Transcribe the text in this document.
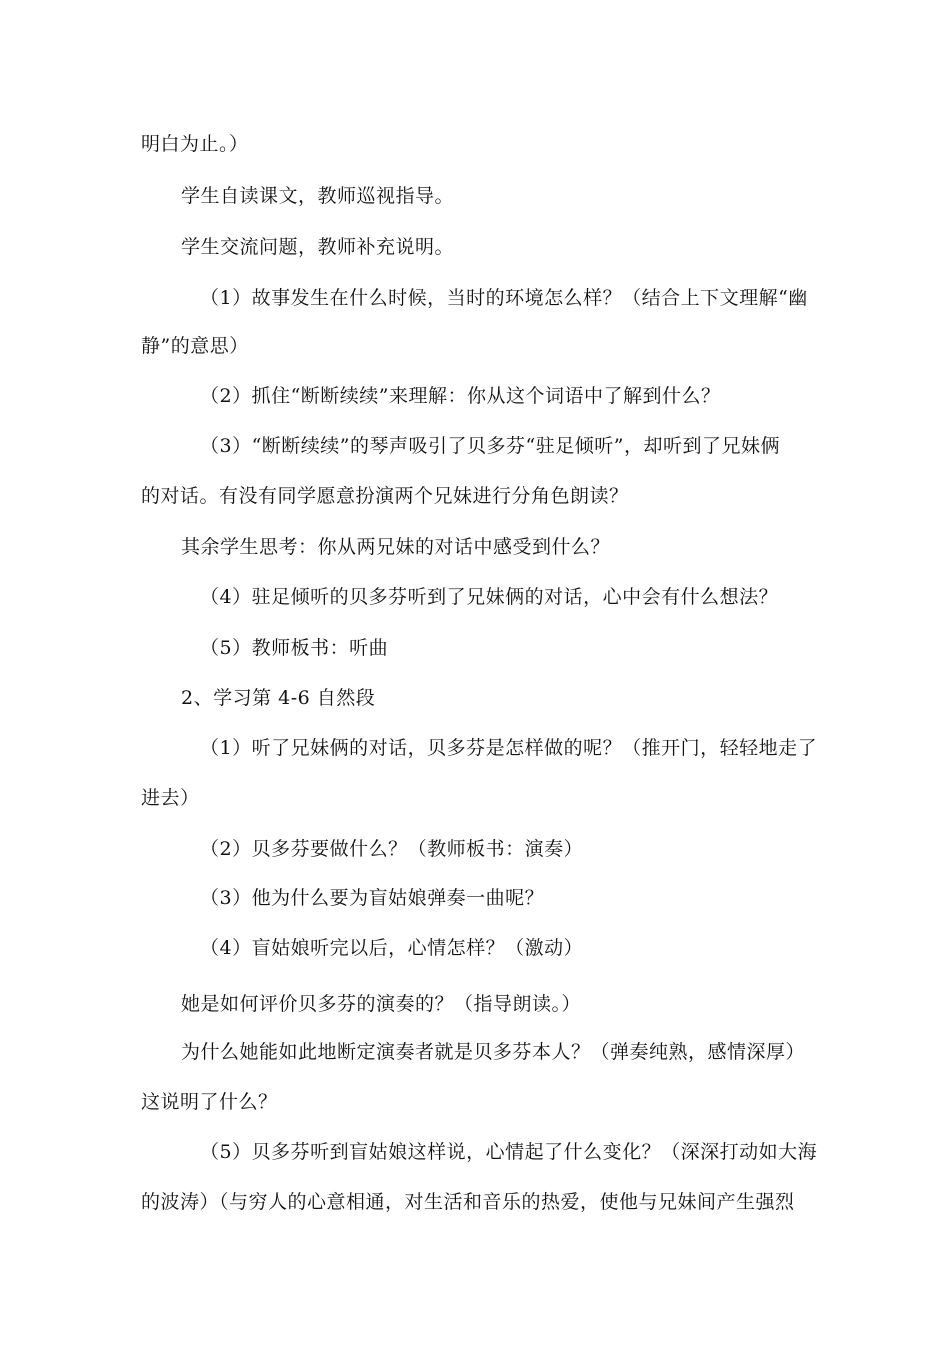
明白为止。）
学生自读课文，教师巡视指导。
学生交流问题，教师补充说明。
（1）故事发生在什么时候，当时的环境怎么样？（结合上下文理解“幽
静”的意思）
（2）抓住“断断续续”来理解：你从这个词语中了解到什么？
（3）“断断续续”的琴声吸引了贝多芬“驻足倾听”，却听到了兄妹俩
的对话。有没有同学愿意扮演两个兄妹进行分角色朗读？
其余学生思考：你从两兄妹的对话中感受到什么？
（4）驻足倾听的贝多芬听到了兄妹俩的对话，心中会有什么想法？
（5）教师板书：听曲
2、学习第 4-6 自然段
（1）听了兄妹俩的对话，贝多芬是怎样做的呢？（推开门，轻轻地走了
进去）
（2）贝多芬要做什么？（教师板书：演奏）
（3）他为什么要为盲姑娘弹奏一曲呢？
（4）盲姑娘听完以后，心情怎样？（激动）
她是如何评价贝多芬的演奏的？（指导朗读。）
为什么她能如此地断定演奏者就是贝多芬本人？（弹奏纯熟，感情深厚）
这说明了什么？
（5）贝多芬听到盲姑娘这样说，心情起了什么变化？（深深打动如大海
的波涛）（与穷人的心意相通，对生活和音乐的热爱，使他与兄妹间产生强烈
